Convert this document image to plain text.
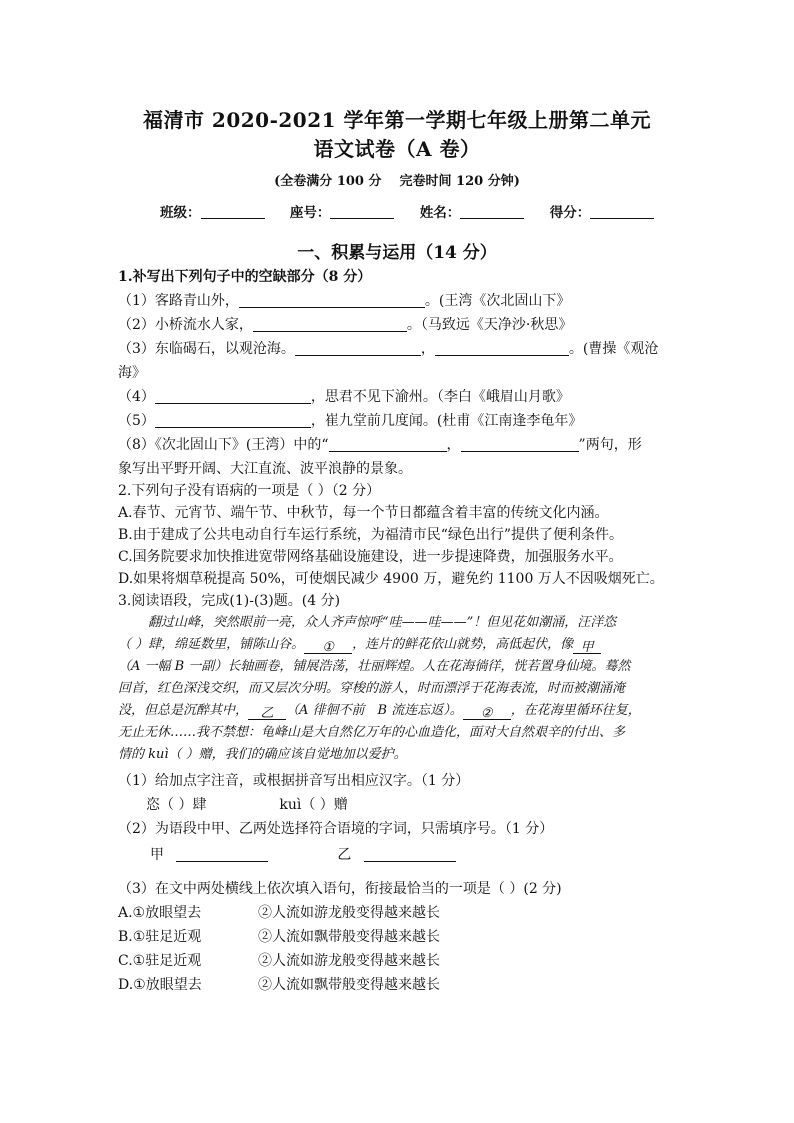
福清市 2020-2021 学年第一学期七年级上册第二单元
语文试卷（A 卷）
(全卷满分 100 分 完卷时间 120 分钟)
班级：	座号：	姓名：	得分：
一、积累与运用（14 分）
1.补写出下列句子中的空缺部分（8 分）
（1）客路青山外，	。(王湾《次北固山下》
（2）小桥流水人家，	。（马致远《天净沙·秋思》
（3）东临碣石，以观沧海。	，	。(曹操《观沧
海》
（4）	，思君不见下渝州。（李白《峨眉山月歌》
（5）	，崔九堂前几度闻。(杜甫《江南逢李龟年》
（8）《次北固山下》(王湾）中的“	，	”两句，形
象写出平野开阔、大江直流、波平浪静的景象。
2.下列句子没有语病的一项是（ ）（2 分）
A.春节、元宵节、端午节、中秋节，每一个节日都蕴含着丰富的传统文化内涵。
B.由于建成了公共电动自行车运行系统，为福清市民“绿色出行”提供了便利条件。
C.国务院要求加快推进宽带网络基础设施建设，进一步提速降费，加强服务水平。
D.如果将烟草税提高 50%，可使烟民减少 4900 万，避免约 1100 万人不因吸烟死亡。
3.阅读语段，完成(1)-(3)题。(4 分)
翻过山峰，突然眼前一亮，众人齐声惊呼“哇——哇——”！但见花如潮涌，汪洋恣
（ ）肆，绵延数里，铺陈山谷。 ① ，连片的鲜花依山就势，高低起伏，像 甲
（A 一幅 B 一副）长轴画卷，铺展浩荡，壮丽辉煌。人在花海徜徉，恍若置身仙境。蓦然
回首，红色深浅交织，而又层次分明。穿梭的游人，时而漂浮于花海表流，时而被潮涌淹
没，但总是沉醉其中， 乙 （A 徘徊不前　B 流连忘返）。 ② ，在花海里循环往复，
无止无休……我不禁想：龟峰山是大自然亿万年的心血造化，面对大自然艰辛的付出、多
情的 kuì（ ）赠，我们的确应该自觉地加以爱护。
（1）给加点字注音，或根据拼音写出相应汉字。（1 分）
恣（ ）肆	kuì（ ）赠
（2）为语段中甲、乙两处选择符合语境的字词，只需填序号。（1 分）
甲	乙
（3）在文中两处横线上依次填入语句，衔接最恰当的一项是（ ）(2 分)
A.①放眼望去	②人流如游龙般变得越来越长
B.①驻足近观	②人流如飘带般变得越来越长
C.①驻足近观	②人流如游龙般变得越来越长
D.①放眼望去	②人流如飘带般变得越来越长
